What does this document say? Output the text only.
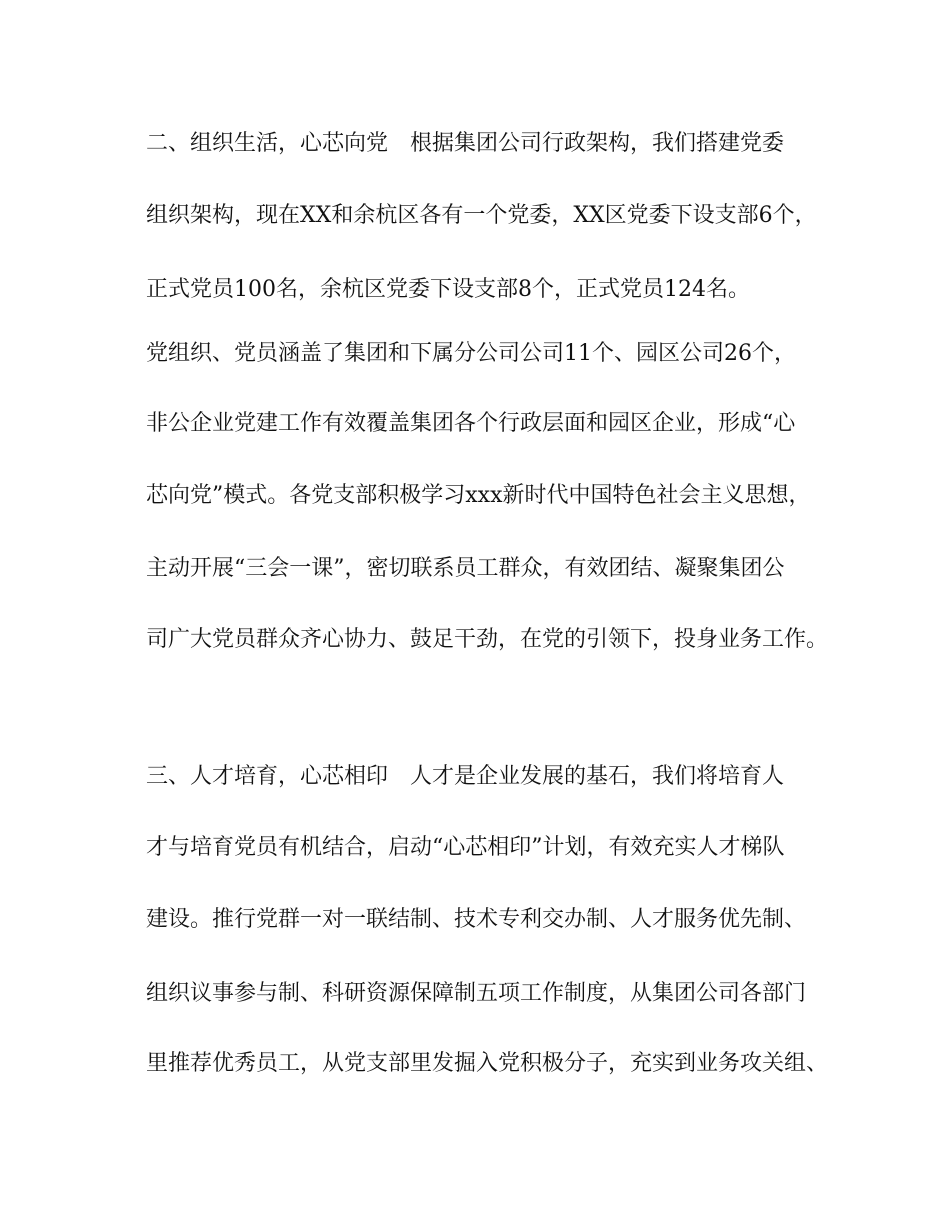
二、组织生活，心芯向党　根据集团公司行政架构，我们搭建党委
组织架构，现在XX和余杭区各有一个党委，XX区党委下设支部6个，
正式党员100名，余杭区党委下设支部8个，正式党员124名。
党组织、党员涵盖了集团和下属分公司公司11个、园区公司26个，
非公企业党建工作有效覆盖集团各个行政层面和园区企业，形成“心
芯向党”模式。各党支部积极学习xxx新时代中国特色社会主义思想，
主动开展“三会一课”，密切联系员工群众，有效团结、凝聚集团公
司广大党员群众齐心协力、鼓足干劲，在党的引领下，投身业务工作。
三、人才培育，心芯相印　人才是企业发展的基石，我们将培育人
才与培育党员有机结合，启动“心芯相印”计划，有效充实人才梯队
建设。推行党群一对一联结制、技术专利交办制、人才服务优先制、
组织议事参与制、科研资源保障制五项工作制度，从集团公司各部门
里推荐优秀员工，从党支部里发掘入党积极分子，充实到业务攻关组、
